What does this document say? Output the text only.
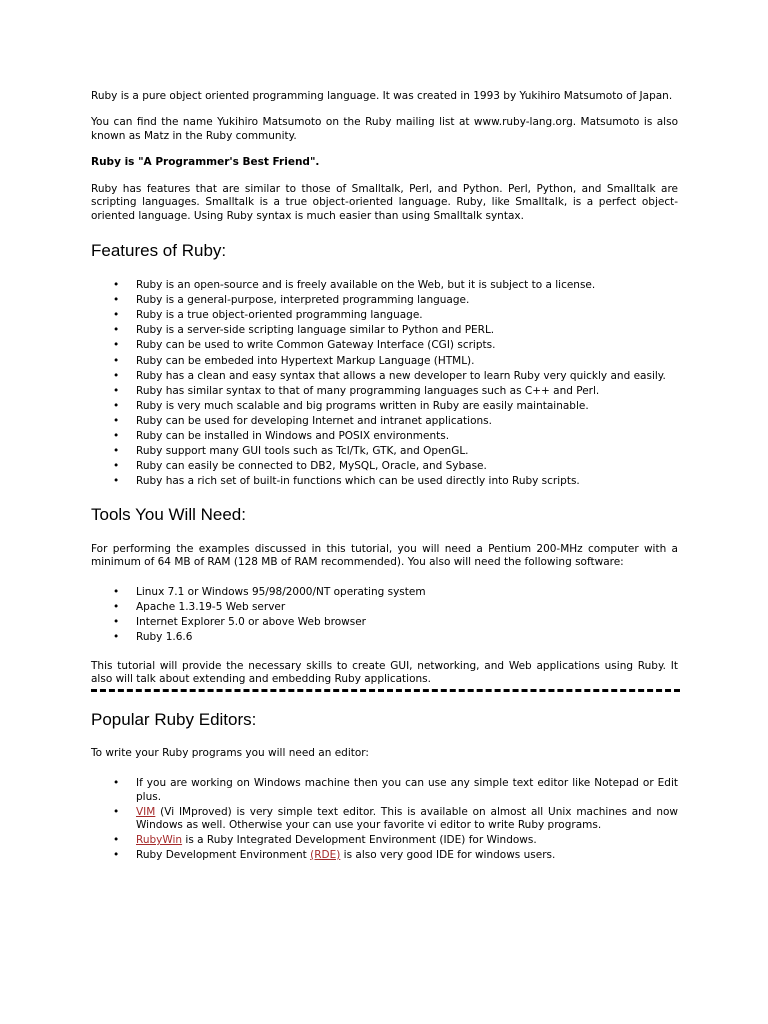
Ruby is a pure object oriented programming language. It was created in 1993 by Yukihiro Matsumoto of Japan.

You can find the name Yukihiro Matsumoto on the Ruby mailing list at www.ruby-lang.org. Matsumoto is also known as Matz in the Ruby community.

Ruby is "A Programmer's Best Friend".

Ruby has features that are similar to those of Smalltalk, Perl, and Python. Perl, Python, and Smalltalk are scripting languages. Smalltalk is a true object-oriented language. Ruby, like Smalltalk, is a perfect object-oriented language. Using Ruby syntax is much easier than using Smalltalk syntax.

Features of Ruby:
• Ruby is an open-source and is freely available on the Web, but it is subject to a license.
• Ruby is a general-purpose, interpreted programming language.
• Ruby is a true object-oriented programming language.
• Ruby is a server-side scripting language similar to Python and PERL.
• Ruby can be used to write Common Gateway Interface (CGI) scripts.
• Ruby can be embeded into Hypertext Markup Language (HTML).
• Ruby has a clean and easy syntax that allows a new developer to learn Ruby very quickly and easily.
• Ruby has similar syntax to that of many programming languages such as C++ and Perl.
• Ruby is very much scalable and big programs written in Ruby are easily maintainable.
• Ruby can be used for developing Internet and intranet applications.
• Ruby can be installed in Windows and POSIX environments.
• Ruby support many GUI tools such as Tcl/Tk, GTK, and OpenGL.
• Ruby can easily be connected to DB2, MySQL, Oracle, and Sybase.
• Ruby has a rich set of built-in functions which can be used directly into Ruby scripts.
Tools You Will Need:

For performing the examples discussed in this tutorial, you will need a Pentium 200-MHz computer with a minimum of 64 MB of RAM (128 MB of RAM recommended). You also will need the following software:

• Linux 7.1 or Windows 95/98/2000/NT operating system
• Apache 1.3.19-5 Web server
• Internet Explorer 5.0 or above Web browser
• Ruby 1.6.6

This tutorial will provide the necessary skills to create GUI, networking, and Web applications using Ruby. It also will talk about extending and embedding Ruby applications.

Popular Ruby Editors:

To write your Ruby programs you will need an editor:

• If you are working on Windows machine then you can use any simple text editor like Notepad or Edit plus.
• VIM (Vi IMproved) is very simple text editor. This is available on almost all Unix machines and now Windows as well. Otherwise your can use your favorite vi editor to write Ruby programs.
• RubyWin is a Ruby Integrated Development Environment (IDE) for Windows.
• Ruby Development Environment (RDE) is also very good IDE for windows users.
